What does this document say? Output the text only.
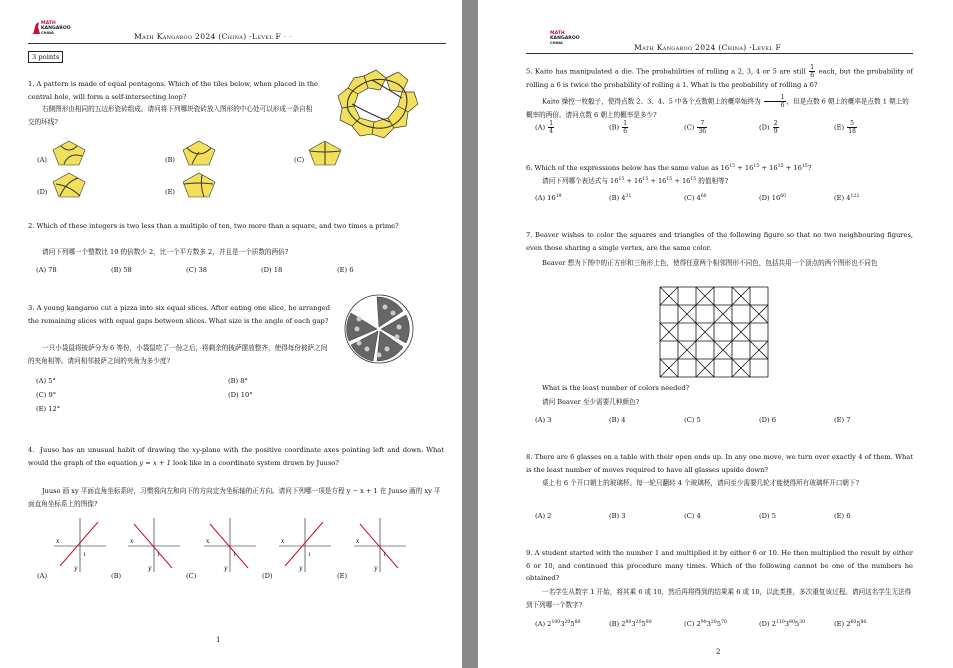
MATH
KANGAROO
CHINA	Math Kangaroo 2024 (China) -Level F - -
3 points
1. A pattern is made of equal pentagons. Which of the tiles below, when placed in the central hole, will form a self-intersecting loop?
右側图形由相同的五边形瓷砖组成。请问将下列哪块瓷砖放入图形的中心处可以形成一条自相交的环线?
(A)	(B)	(C)
(D)	(E)
2. Which of these integers is two less than a multiple of ten, two more than a square, and two times a prime?
请问下列哪一个整数比 10 的倍数少 2，比一个平方数多 2，并且是一个质数的两倍?
(A) 78	(B) 58	(C) 38	(D) 18	(E) 6
3. A young kangaroo cut a pizza into six equal slices. After eating one slice, he arranged the remaining slices with equal gaps between slices. What size is the angle of each gap?
一只小袋鼠将披萨分为 6 等份，小袋鼠吃了一份之后，将剩余的披萨摆放整齐，使得每份披萨之间的夹角相等。请问相邻披萨之间的夹角为多少度?
(A) 5°	(B) 8°
(C) 9°	(D) 10°
(E) 12°
4. Juuso has an unusual habit of drawing the xy-plane with the positive coordinate axes pointing left and down. What would the graph of the equation y = x + 1 look like in a coordinate system drawn by Juuso?
Juuso 画 xy 平面直角坐标系时，习惯将向左和向下的方向定为坐标轴的正方向。请问下列哪一项是方程 y − x + 1 在 Juuso 画的 xy 平面直角坐标系上的图像?
x
y
1
x
y
1
x
y
1
x
y
1
x
y
1
(A)	(B)	(C)	(D)	(E)
1
MATH
KANGAROO
CHINA	Math Kangaroo 2024 (China) -Level F
5. Kaito has manipulated a die. The probabilities of rolling a 2, 3, 4 or 5 are still $\frac{1}{6}$ each, but the probability of rolling a 6 is twice the probability of rolling a 1. What is the probability of rolling a 6?
Kaito 操控一枚骰子，使得点数 2、3、4、5 中各个点数朝上的概率始终为 $\frac{1}{6}$ ，但是点数 6 朝上的概率是点数 1 朝上的概率的两倍。请问点数 6 朝上的概率是多少?
$(A) \frac{1}{4}$	$(B) \frac{1}{6}$	$(C) \frac{7}{36}$	$(D) \frac{2}{9}$	$(E) \frac{5}{18}$
6. Which of the expressions below has the same value as $16^{15} + 16^{15} + 16^{15} + 16^{15}$?
请问下列哪个表达式与 $16^{15} + 16^{15} + 16^{15} + 16^{15}$ 的值相等?
(A) $16^{19}$	(B) $4^{31}$	(C) $4^{60}$	(D) $16^{60}$	(E) $4^{122}$
7. Beaver wishes to color the squares and triangles of the following figure so that no two neighbouring figures, even those sharing a single vertex, are the same color.
Beaver 想为下图中的正方形和三角形上色，使得任意两个相邻图形不同色，包括共用一个顶点的两个图形也不同色
What is the least number of colors needed?
请问 Beaver 至少需要几种颜色?
(A) 3	(B) 4	(C) 5	(D) 6	(E) 7
8. There are 6 glasses on a table with their open ends up. In any one move, we turn over exactly 4 of them. What is the least number of moves required to have all glasses upside down?
桌上有 6 个开口朝上的玻璃杯。每一轮只翻转 4 个玻璃杯，请问至少需要几轮才能使得所有玻璃杯开口朝下?
(A) 2	(B) 3	(C) 4	(D) 5	(E) 6
9. A student started with the number 1 and multiplied it by either 6 or 10. He then multiplied the result by either 6 or 10, and continued this procedure many times. Which of the following cannot be one of the numbers he obtained?
一名学生从数字 1 开始，将其乘 6 或 10，然后再将得到的结果乘 6 或 10，以此类推，多次重复该过程。请问这名学生无法得到下列哪一个数字?
(A) $2^{100}3^{20}5^{80}$	(B) $2^{90}3^{20}5^{80}$	(C) $2^{90}3^{20}5^{70}$	(D) $2^{110}3^{80}5^{30}$	(E) $2^{60}5^{80}$
2
